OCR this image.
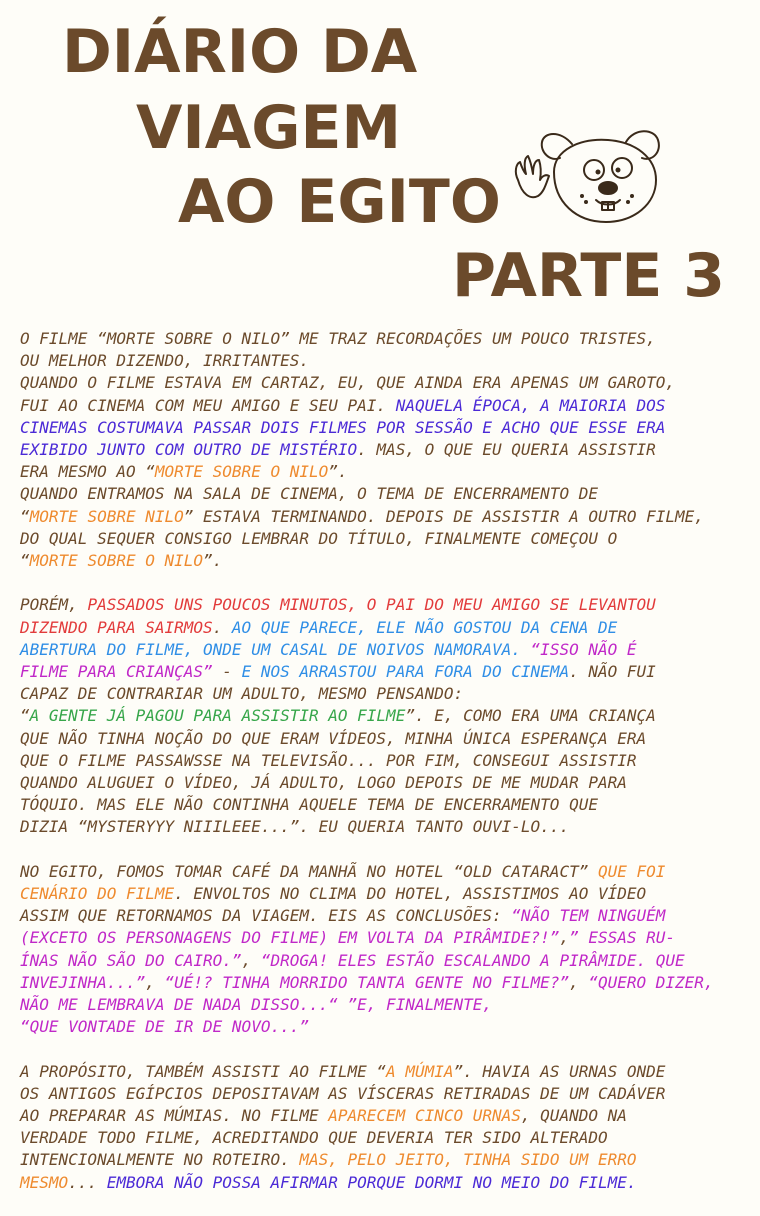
DIÁRIO DA
VIAGEM
AO EGITO
PARTE 3

O FILME “MORTE SOBRE O NILO” ME TRAZ RECORDAÇÕES UM POUCO TRISTES,
OU MELHOR DIZENDO, IRRITANTES.
QUANDO O FILME ESTAVA EM CARTAZ, EU, QUE AINDA ERA APENAS UM GAROTO,
FUI AO CINEMA COM MEU AMIGO E SEU PAI. NAQUELA ÉPOCA, A MAIORIA DOS
CINEMAS COSTUMAVA PASSAR DOIS FILMES POR SESSÃO E ACHO QUE ESSE ERA
EXIBIDO JUNTO COM OUTRO DE MISTÉRIO. MAS, O QUE EU QUERIA ASSISTIR
ERA MESMO AO “MORTE SOBRE O NILO”.
QUANDO ENTRAMOS NA SALA DE CINEMA, O TEMA DE ENCERRAMENTO DE
“MORTE SOBRE NILO” ESTAVA TERMINANDO. DEPOIS DE ASSISTIR A OUTRO FILME,
DO QUAL SEQUER CONSIGO LEMBRAR DO TÍTULO, FINALMENTE COMEÇOU O
“MORTE SOBRE O NILO”.

PORÉM, PASSADOS UNS POUCOS MINUTOS, O PAI DO MEU AMIGO SE LEVANTOU
DIZENDO PARA SAIRMOS. AO QUE PARECE, ELE NÃO GOSTOU DA CENA DE
ABERTURA DO FILME, ONDE UM CASAL DE NOIVOS NAMORAVA. “ISSO NÃO É
FILME PARA CRIANÇAS” - E NOS ARRASTOU PARA FORA DO CINEMA. NÃO FUI
CAPAZ DE CONTRARIAR UM ADULTO, MESMO PENSANDO:
“A GENTE JÁ PAGOU PARA ASSISTIR AO FILME”. E, COMO ERA UMA CRIANÇA
QUE NÃO TINHA NOÇÃO DO QUE ERAM VÍDEOS, MINHA ÚNICA ESPERANÇA ERA
QUE O FILME PASSAWSSE NA TELEVISÃO... POR FIM, CONSEGUI ASSISTIR
QUANDO ALUGUEI O VÍDEO, JÁ ADULTO, LOGO DEPOIS DE ME MUDAR PARA
TÓQUIO. MAS ELE NÃO CONTINHA AQUELE TEMA DE ENCERRAMENTO QUE
DIZIA “MYSTERYYY NIIILEEE...”. EU QUERIA TANTO OUVI-LO...

NO EGITO, FOMOS TOMAR CAFÉ DA MANHÃ NO HOTEL “OLD CATARACT” QUE FOI
CENÁRIO DO FILME. ENVOLTOS NO CLIMA DO HOTEL, ASSISTIMOS AO VÍDEO
ASSIM QUE RETORNAMOS DA VIAGEM. EIS AS CONCLUSÕES: “NÃO TEM NINGUÉM
(EXCETO OS PERSONAGENS DO FILME) EM VOLTA DA PIRÂMIDE?!”,” ESSAS RU-
ÍNAS NÃO SÃO DO CAIRO.”, “DROGA! ELES ESTÃO ESCALANDO A PIRÂMIDE. QUE
INVEJINHA...”, “UÉ!? TINHA MORRIDO TANTA GENTE NO FILME?”, “QUERO DIZER,
NÃO ME LEMBRAVA DE NADA DISSO...“ ”E, FINALMENTE,
“QUE VONTADE DE IR DE NOVO...”

A PROPÓSITO, TAMBÉM ASSISTI AO FILME “A MÚMIA”. HAVIA AS URNAS ONDE
OS ANTIGOS EGÍPCIOS DEPOSITAVAM AS VÍSCERAS RETIRADAS DE UM CADÁVER
AO PREPARAR AS MÚMIAS. NO FILME APARECEM CINCO URNAS, QUANDO NA
VERDADE TODO FILME, ACREDITANDO QUE DEVERIA TER SIDO ALTERADO
INTENCIONALMENTE NO ROTEIRO. MAS, PELO JEITO, TINHA SIDO UM ERRO
MESMO... EMBORA NÃO POSSA AFIRMAR PORQUE DORMI NO MEIO DO FILME.
